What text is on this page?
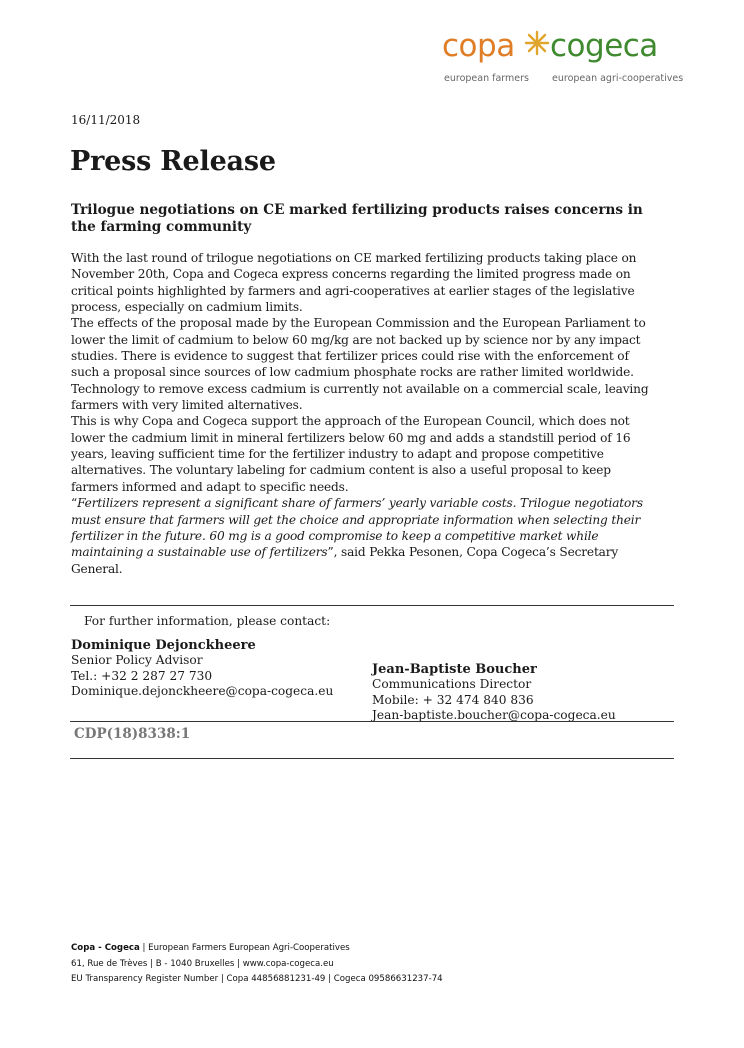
copa cogeca
european farmers european agri-cooperatives
16/11/2018
Press Release
Trilogue negotiations on CE marked fertilizing products raises concerns in the farming community

With the last round of trilogue negotiations on CE marked fertilizing products taking place on November 20th, Copa and Cogeca express concerns regarding the limited progress made on critical points highlighted by farmers and agri-cooperatives at earlier stages of the legislative process, especially on cadmium limits.

The effects of the proposal made by the European Commission and the European Parliament to lower the limit of cadmium to below 60 mg/kg are not backed up by science nor by any impact studies. There is evidence to suggest that fertilizer prices could rise with the enforcement of such a proposal since sources of low cadmium phosphate rocks are rather limited worldwide.

Technology to remove excess cadmium is currently not available on a commercial scale, leaving farmers with very limited alternatives.

This is why Copa and Cogeca support the approach of the European Council, which does not lower the cadmium limit in mineral fertilizers below 60 mg and adds a standstill period of 16 years, leaving sufficient time for the fertilizer industry to adapt and propose competitive alternatives. The voluntary labeling for cadmium content is also a useful proposal to keep farmers informed and adapt to specific needs.

“Fertilizers represent a significant share of farmers’ yearly variable costs. Trilogue negotiators must ensure that farmers will get the choice and appropriate information when selecting their fertilizer in the future. 60 mg is a good compromise to keep a competitive market while maintaining a sustainable use of fertilizers”, said Pekka Pesonen, Copa Cogeca’s Secretary General.

For further information, please contact:
Dominique Dejonckheere
Senior Policy Advisor
Tel.: +32 2 287 27 730
Dominique.dejonckheere@copa-cogeca.eu
Jean-Baptiste Boucher
Communications Director
Mobile: + 32 474 840 836
Jean-baptiste.boucher@copa-cogeca.eu
CDP(18)8338:1
Copa - Cogeca | European Farmers European Agri-Cooperatives
61, Rue de Trèves | B - 1040 Bruxelles | www.copa-cogeca.eu
EU Transparency Register Number | Copa 44856881231-49 | Cogeca 09586631237-74
